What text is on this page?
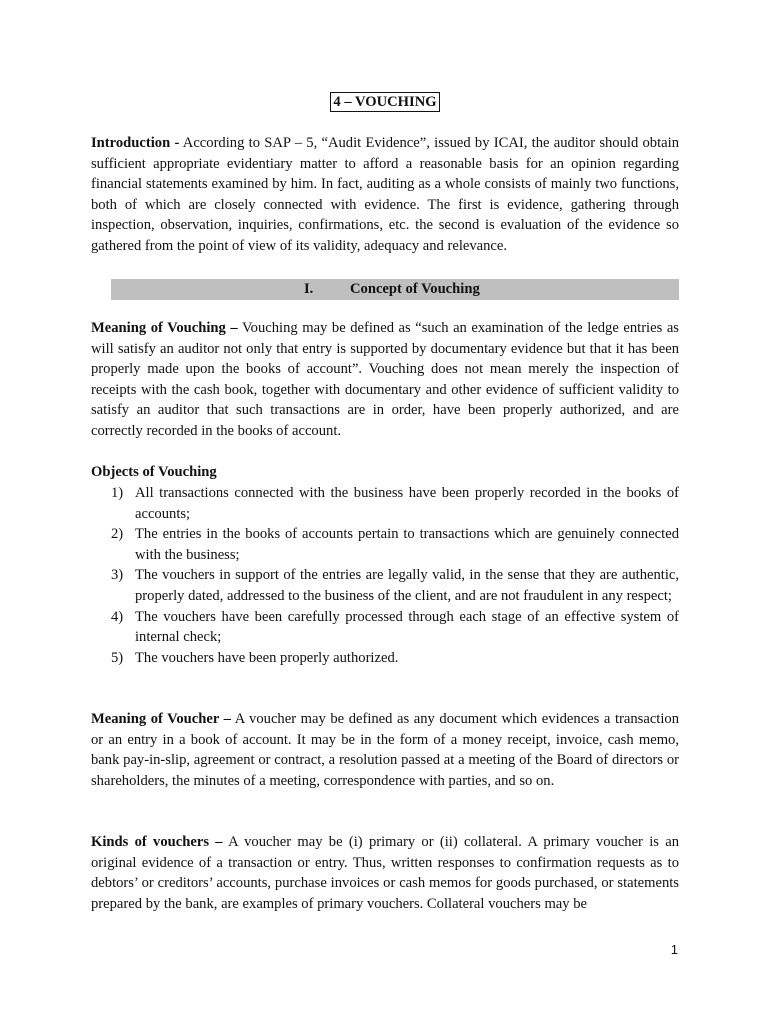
4 – VOUCHING

Introduction - According to SAP – 5, “Audit Evidence”, issued by ICAI, the auditor should obtain sufficient appropriate evidentiary matter to afford a reasonable basis for an opinion regarding financial statements examined by him. In fact, auditing as a whole consists of mainly two functions, both of which are closely connected with evidence. The first is evidence, gathering through inspection, observation, inquiries, confirmations, etc. the second is evaluation of the evidence so gathered from the point of view of its validity, adequacy and relevance.

I.	Concept of Vouching

Meaning of Vouching – Vouching may be defined as “such an examination of the ledge entries as will satisfy an auditor not only that entry is supported by documentary evidence but that it has been properly made upon the books of account”. Vouching does not mean merely the inspection of receipts with the cash book, together with documentary and other evidence of sufficient validity to satisfy an auditor that such transactions are in order, have been properly authorized, and are correctly recorded in the books of account.

Objects of Vouching
1) All transactions connected with the business have been properly recorded in the books of accounts;
2) The entries in the books of accounts pertain to transactions which are genuinely connected with the business;
3) The vouchers in support of the entries are legally valid, in the sense that they are authentic, properly dated, addressed to the business of the client, and are not fraudulent in any respect;
4) The vouchers have been carefully processed through each stage of an effective system of internal check;
5) The vouchers have been properly authorized.

Meaning of Voucher – A voucher may be defined as any document which evidences a transaction or an entry in a book of account. It may be in the form of a money receipt, invoice, cash memo, bank pay-in-slip, agreement or contract, a resolution passed at a meeting of the Board of directors or shareholders, the minutes of a meeting, correspondence with parties, and so on.

Kinds of vouchers – A voucher may be (i) primary or (ii) collateral. A primary voucher is an original evidence of a transaction or entry. Thus, written responses to confirmation requests as to debtors’ or creditors’ accounts, purchase invoices or cash memos for goods purchased, or statements prepared by the bank, are examples of primary vouchers. Collateral vouchers may be

1
